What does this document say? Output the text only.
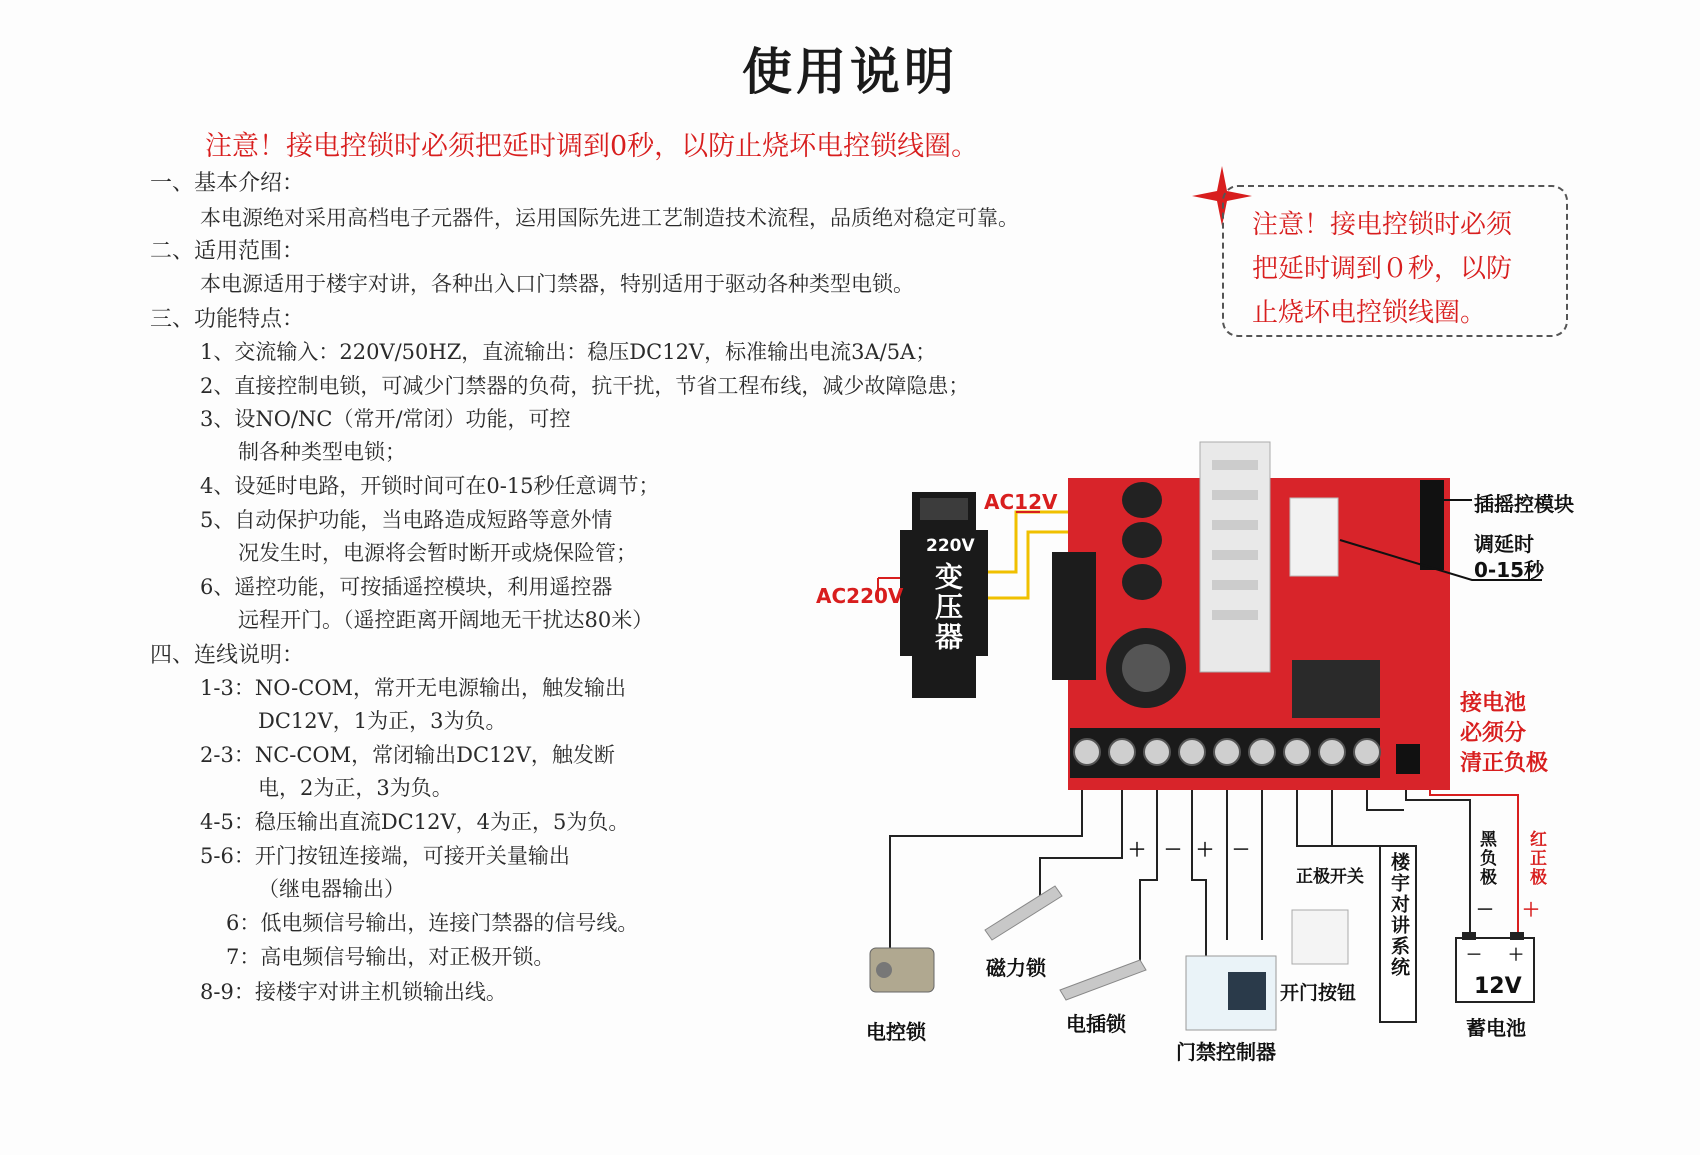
使用说明
注意！接电控锁时必须把延时调到0秒，以防止烧坏电控锁线圈。
一、基本介绍：
本电源绝对采用高档电子元器件，运用国际先进工艺制造技术流程，品质绝对稳定可靠。
二、适用范围：
本电源适用于楼宇对讲，各种出入口门禁器，特别适用于驱动各种类型电锁。
三、功能特点：
1、交流输入：220V/50HZ，直流输出：稳压DC12V，标准输出电流3A/5A；
2、直接控制电锁，可减少门禁器的负荷，抗干扰，节省工程布线，减少故障隐患；
3、设NO/NC（常开/常闭）功能，可控
制各种类型电锁；
4、设延时电路，开锁时间可在0-15秒任意调节；
5、自动保护功能，当电路造成短路等意外情
况发生时，电源将会暂时断开或烧保险管；
6、遥控功能，可按插遥控模块，利用遥控器
远程开门。（遥控距离开阔地无干扰达80米）
四、连线说明：
1-3：NO-COM，常开无电源输出，触发输出
DC12V，1为正，3为负。
2-3：NC-COM，常闭输出DC12V，触发断
电，2为正，3为负。
4-5：稳压输出直流DC12V，4为正，5为负。
5-6：开门按钮连接端，可接开关量输出
（继电器输出）
6：低电频信号输出，连接门禁器的信号线。
7：高电频信号输出，对正极开锁。
8-9：接楼宇对讲主机锁输出线。
注意！接电控锁时必须
把延时调到０秒，以防
止烧坏电控锁线圈。
AC12V
AC220V
220V
变压器
插摇控模块
调延时
0-15秒
接电池
必须分
清正负极
黑负极 红正极
－ ＋
－ ＋
12V
蓄电池
＋ － ＋ －
正极开关 楼宇对讲系统
开门按钮
门禁控制器
电控锁
磁力锁
电插锁
